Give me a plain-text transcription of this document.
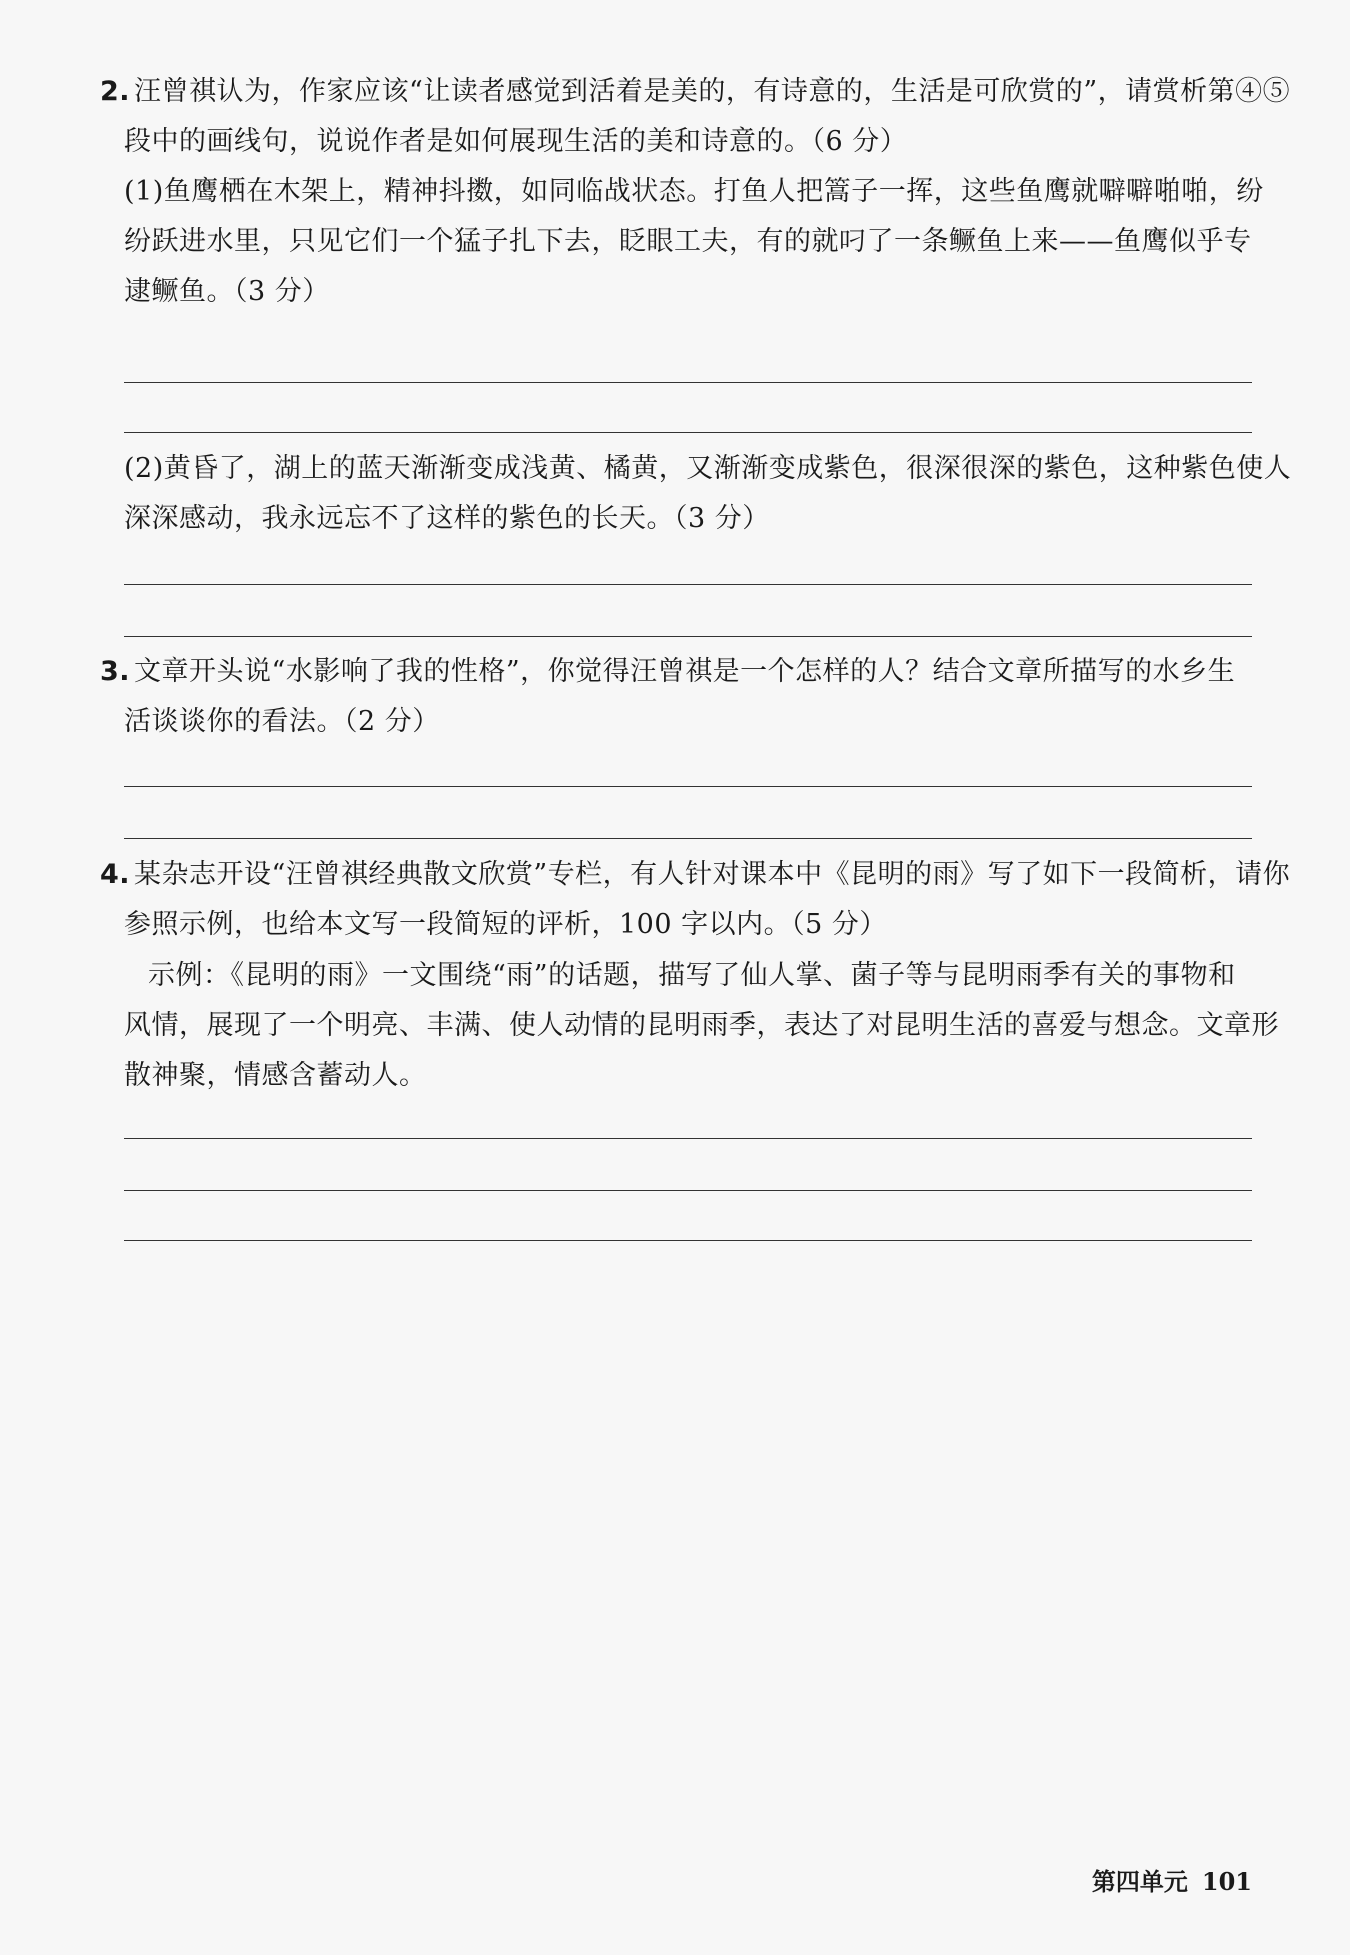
2. 汪曾祺认为，作家应该“让读者感觉到活着是美的，有诗意的，生活是可欣赏的”，请赏析第④⑤
段中的画线句，说说作者是如何展现生活的美和诗意的。（6 分）
(1)鱼鹰栖在木架上，精神抖擞，如同临战状态。打鱼人把篙子一挥，这些鱼鹰就噼噼啪啪，纷
纷跃进水里，只见它们一个猛子扎下去，眨眼工夫，有的就叼了一条鳜鱼上来——鱼鹰似乎专
逮鳜鱼。（3 分）
(2)黄昏了，湖上的蓝天渐渐变成浅黄、橘黄，又渐渐变成紫色，很深很深的紫色，这种紫色使人
深深感动，我永远忘不了这样的紫色的长天。（3 分）
3. 文章开头说“水影响了我的性格”，你觉得汪曾祺是一个怎样的人？结合文章所描写的水乡生
活谈谈你的看法。（2 分）
4. 某杂志开设“汪曾祺经典散文欣赏”专栏，有人针对课本中《昆明的雨》写了如下一段简析，请你
参照示例，也给本文写一段简短的评析，100 字以内。（5 分）
示例：《昆明的雨》一文围绕“雨”的话题，描写了仙人掌、菌子等与昆明雨季有关的事物和
风情，展现了一个明亮、丰满、使人动情的昆明雨季，表达了对昆明生活的喜爱与想念。文章形
散神聚，情感含蓄动人。
第四单元 101
